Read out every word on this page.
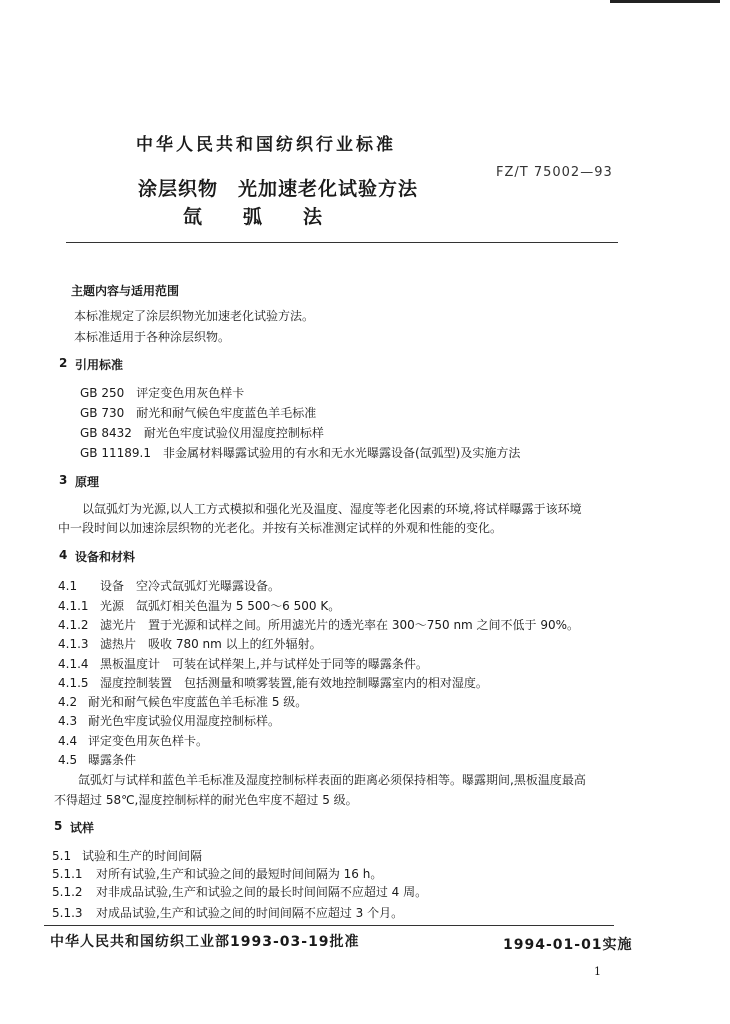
中华人民共和国纺织行业标准
FZ/T 75002—93
涂层织物　光加速老化试验方法
氙　　弧　　法
主题内容与适用范围
本标准规定了涂层织物光加速老化试验方法。
本标准适用于各种涂层织物。
2 引用标准
GB 250　评定变色用灰色样卡
GB 730　耐光和耐气候色牢度蓝色羊毛标准
GB 8432　耐光色牢度试验仪用湿度控制标样
GB 11189.1　非金属材料曝露试验用的有水和无水光曝露设备(氙弧型)及实施方法
3 原理
以氙弧灯为光源,以人工方式模拟和强化光及温度、湿度等老化因素的环境,将试样曝露于该环境
中一段时间以加速涂层织物的光老化。并按有关标准测定试样的外观和性能的变化。
4 设备和材料
4.1 设备　空冷式氙弧灯光曝露设备。
4.1.1 光源　氙弧灯相关色温为 5 500～6 500 K。
4.1.2 滤光片　置于光源和试样之间。所用滤光片的透光率在 300～750 nm 之间不低于 90%。
4.1.3 滤热片　吸收 780 nm 以上的红外辐射。
4.1.4 黑板温度计　可装在试样架上,并与试样处于同等的曝露条件。
4.1.5 湿度控制装置　包括测量和喷雾装置,能有效地控制曝露室内的相对湿度。
4.2 耐光和耐气候色牢度蓝色羊毛标准 5 级。
4.3 耐光色牢度试验仪用湿度控制标样。
4.4 评定变色用灰色样卡。
4.5 曝露条件
氙弧灯与试样和蓝色羊毛标准及湿度控制标样表面的距离必须保持相等。曝露期间,黑板温度最高
不得超过 58℃,湿度控制标样的耐光色牢度不超过 5 级。
5 试样
5.1 试验和生产的时间间隔
5.1.1 对所有试验,生产和试验之间的最短时间间隔为 16 h。
5.1.2 对非成品试验,生产和试验之间的最长时间间隔不应超过 4 周。
5.1.3 对成品试验,生产和试验之间的时间间隔不应超过 3 个月。
中华人民共和国纺织工业部1993-03-19批准	1994-01-01实施
1
